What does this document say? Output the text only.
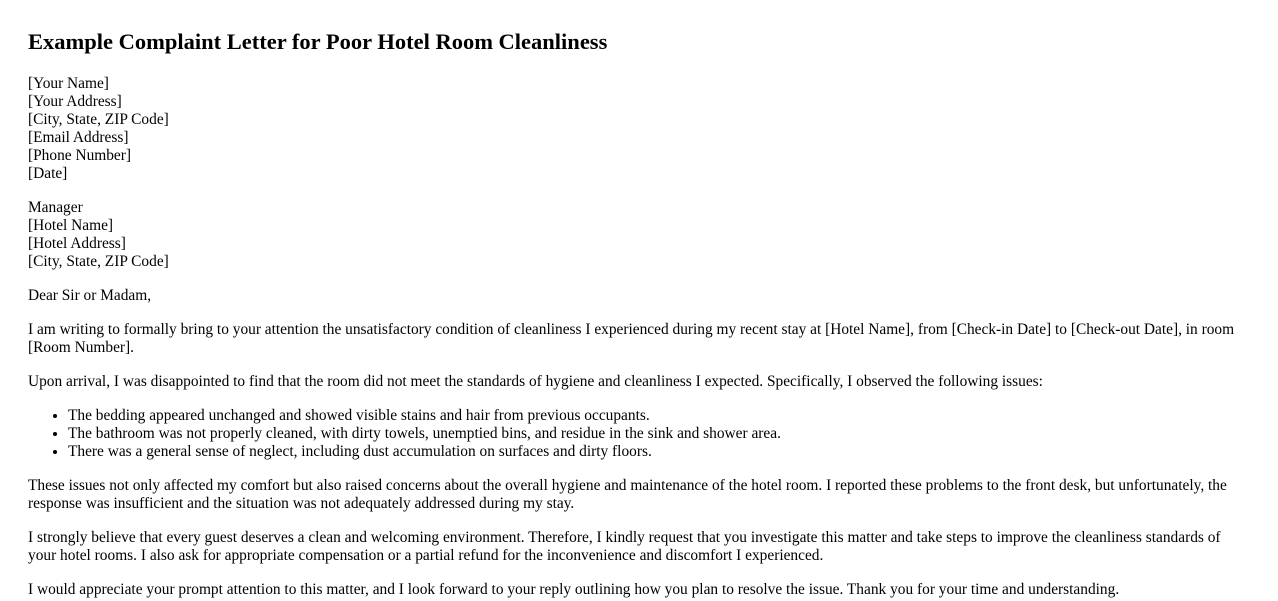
Example Complaint Letter for Poor Hotel Room Cleanliness
[Your Name]
[Your Address]
[City, State, ZIP Code]
[Email Address]
[Phone Number]
[Date]
Manager
[Hotel Name]
[Hotel Address]
[City, State, ZIP Code]
Dear Sir or Madam,

I am writing to formally bring to your attention the unsatisfactory condition of cleanliness I experienced during my recent stay at [Hotel Name], from [Check-in Date] to [Check-out Date], in room [Room Number].

Upon arrival, I was disappointed to find that the room did not meet the standards of hygiene and cleanliness I expected. Specifically, I observed the following issues:

• The bedding appeared unchanged and showed visible stains and hair from previous occupants.
• The bathroom was not properly cleaned, with dirty towels, unemptied bins, and residue in the sink and shower area.
• There was a general sense of neglect, including dust accumulation on surfaces and dirty floors.

These issues not only affected my comfort but also raised concerns about the overall hygiene and maintenance of the hotel room. I reported these problems to the front desk, but unfortunately, the response was insufficient and the situation was not adequately addressed during my stay.

I strongly believe that every guest deserves a clean and welcoming environment. Therefore, I kindly request that you investigate this matter and take steps to improve the cleanliness standards of your hotel rooms. I also ask for appropriate compensation or a partial refund for the inconvenience and discomfort I experienced.

I would appreciate your prompt attention to this matter, and I look forward to your reply outlining how you plan to resolve the issue. Thank you for your time and understanding.
